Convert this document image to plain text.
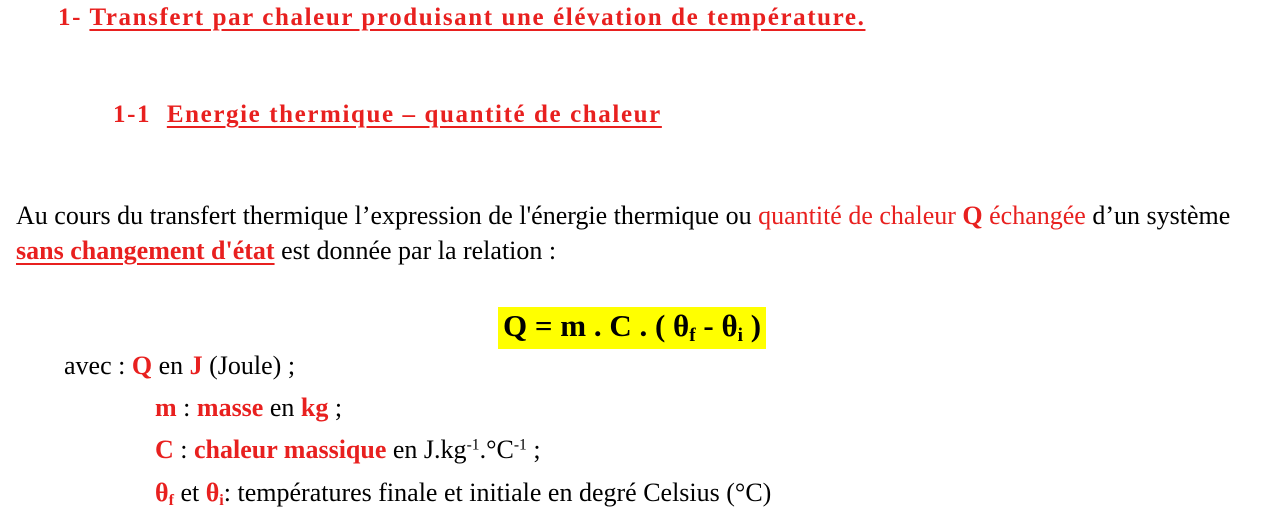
1- Transfert par chaleur produisant une élévation de température.
1-1 Energie thermique – quantité de chaleur
Au cours du transfert thermique l’expression de l'énergie thermique ou quantité de chaleur Q échangée d’un système sans changement d'état est donnée par la relation :
Q = m . C . ( $\theta_f - \theta_i$ )
avec : Q en J (Joule) ;
m : masse en kg ;
C : chaleur massique en $J.kg^{-1}.^\circ C^{-1}$ ;
$\theta_f$ et $\theta_i$: températures finale et initiale en degré Celsius (°C)
